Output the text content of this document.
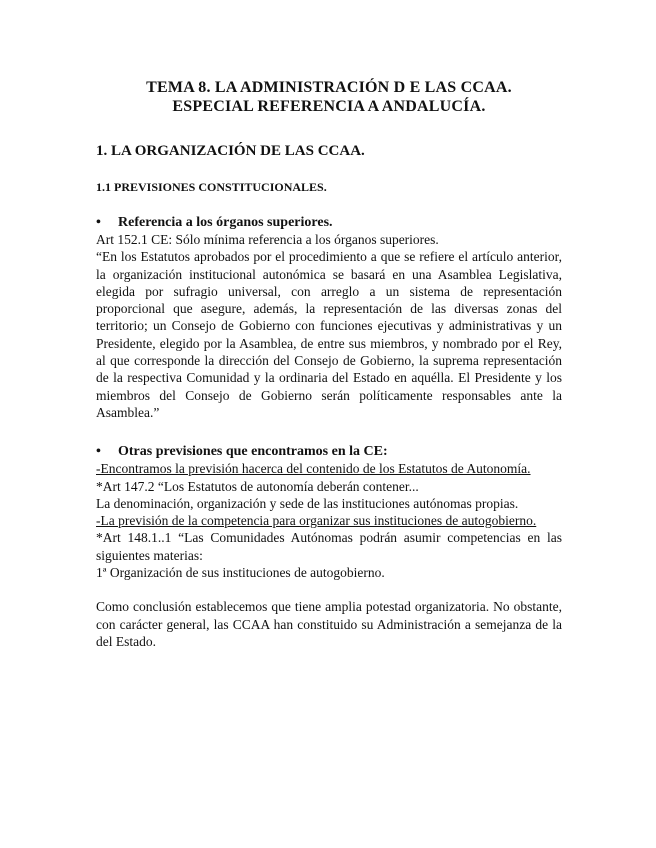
TEMA 8. LA ADMINISTRACIÓN D E LAS CCAA.

ESPECIAL REFERENCIA A ANDALUCÍA.

1. LA ORGANIZACIÓN DE LAS CCAA.

1.1 PREVISIONES CONSTITUCIONALES.

•	Referencia a los órganos superiores.

Art 152.1 CE: Sólo mínima referencia a los órganos superiores.

“En los Estatutos aprobados por el procedimiento a que se refiere el artículo anterior, la organización institucional autonómica se basará en una Asamblea Legislativa, elegida por sufragio universal, con arreglo a un sistema de representación proporcional que asegure, además, la representación de las diversas zonas del territorio; un Consejo de Gobierno con funciones ejecutivas y administrativas y un Presidente, elegido por la Asamblea, de entre sus miembros, y nombrado por el Rey, al que corresponde la dirección del Consejo de Gobierno, la suprema representación de la respectiva Comunidad y la ordinaria del Estado en aquélla. El Presidente y los miembros del Consejo de Gobierno serán políticamente responsables ante la Asamblea.”

•	Otras previsiones que encontramos en la CE:

-Encontramos la previsión hacerca del contenido de los Estatutos de Autonomía.

*Art 147.2 “Los Estatutos de autonomía deberán contener...

La denominación, organización y sede de las instituciones autónomas propias.

-La previsión de la competencia para organizar sus instituciones de autogobierno.

*Art 148.1..1 “Las Comunidades Autónomas podrán asumir competencias en las siguientes materias:

1ª Organización de sus instituciones de autogobierno.

Como conclusión establecemos que tiene amplia potestad organizatoria. No obstante, con carácter general, las CCAA han constituido su Administración a semejanza de la del Estado.
